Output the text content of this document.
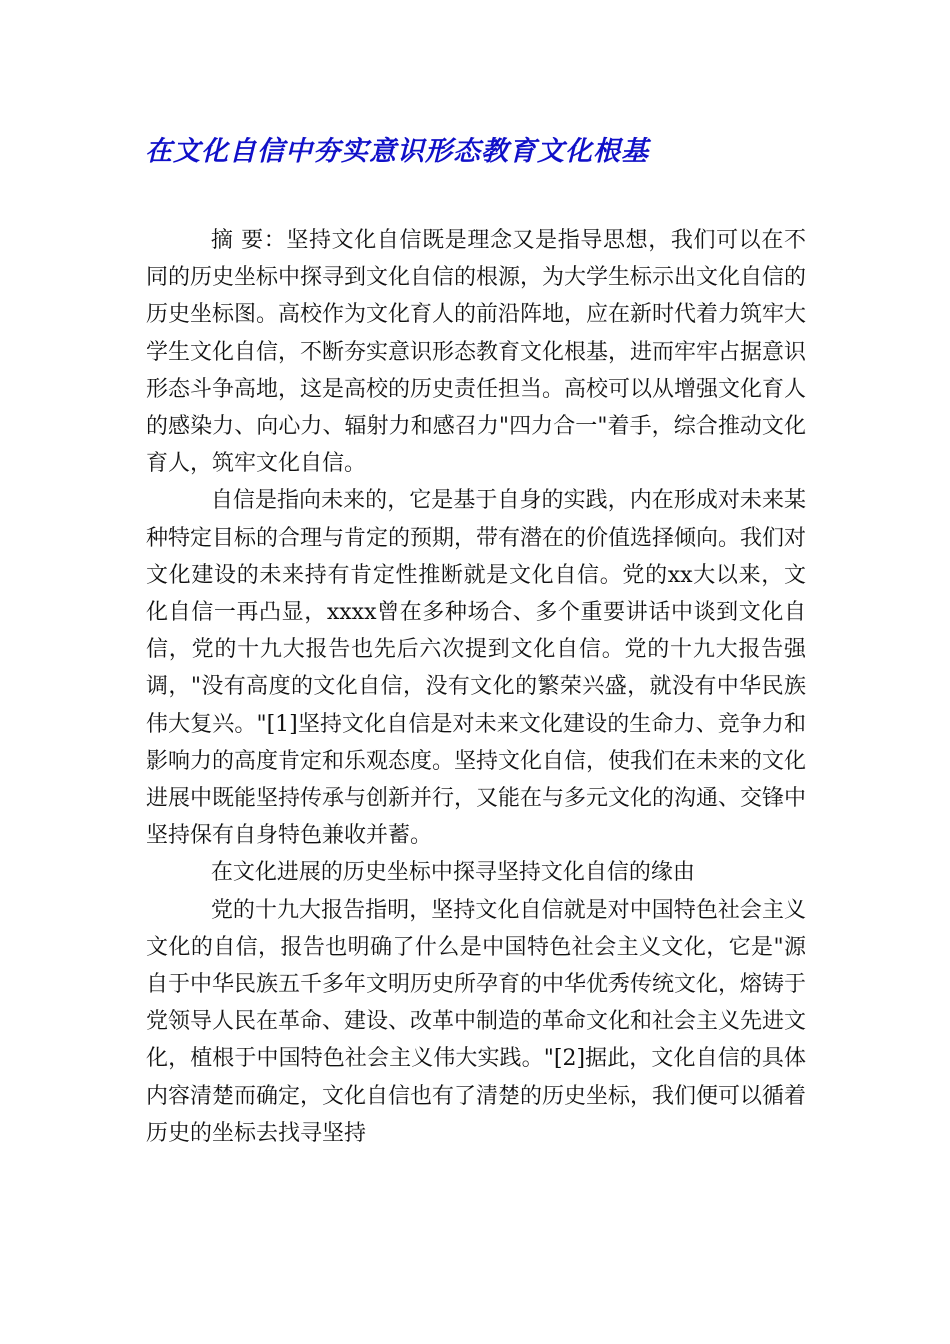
在文化自信中夯实意识形态教育文化根基

摘 要：坚持文化自信既是理念又是指导思想，我们可以在不同的历史坐标中探寻到文化自信的根源，为大学生标示出文化自信的历史坐标图。高校作为文化育人的前沿阵地，应在新时代着力筑牢大学生文化自信，不断夯实意识形态教育文化根基，进而牢牢占据意识形态斗争高地，这是高校的历史责任担当。高校可以从增强文化育人的感染力、向心力、辐射力和感召力"四力合一"着手，综合推动文化育人，筑牢文化自信。

自信是指向未来的，它是基于自身的实践，内在形成对未来某种特定目标的合理与肯定的预期，带有潜在的价值选择倾向。我们对文化建设的未来持有肯定性推断就是文化自信。党的xx大以来，文化自信一再凸显，xxxx曾在多种场合、多个重要讲话中谈到文化自信，党的十九大报告也先后六次提到文化自信。党的十九大报告强调，"没有高度的文化自信，没有文化的繁荣兴盛，就没有中华民族伟大复兴。"[1]坚持文化自信是对未来文化建设的生命力、竞争力和影响力的高度肯定和乐观态度。坚持文化自信，使我们在未来的文化进展中既能坚持传承与创新并行，又能在与多元文化的沟通、交锋中坚持保有自身特色兼收并蓄。

在文化进展的历史坐标中探寻坚持文化自信的缘由

党的十九大报告指明，坚持文化自信就是对中国特色社会主义文化的自信，报告也明确了什么是中国特色社会主义文化，它是"源自于中华民族五千多年文明历史所孕育的中华优秀传统文化，熔铸于党领导人民在革命、建设、改革中制造的革命文化和社会主义先进文化，植根于中国特色社会主义伟大实践。"[2]据此，文化自信的具体内容清楚而确定，文化自信也有了清楚的历史坐标，我们便可以循着历史的坐标去找寻坚持
